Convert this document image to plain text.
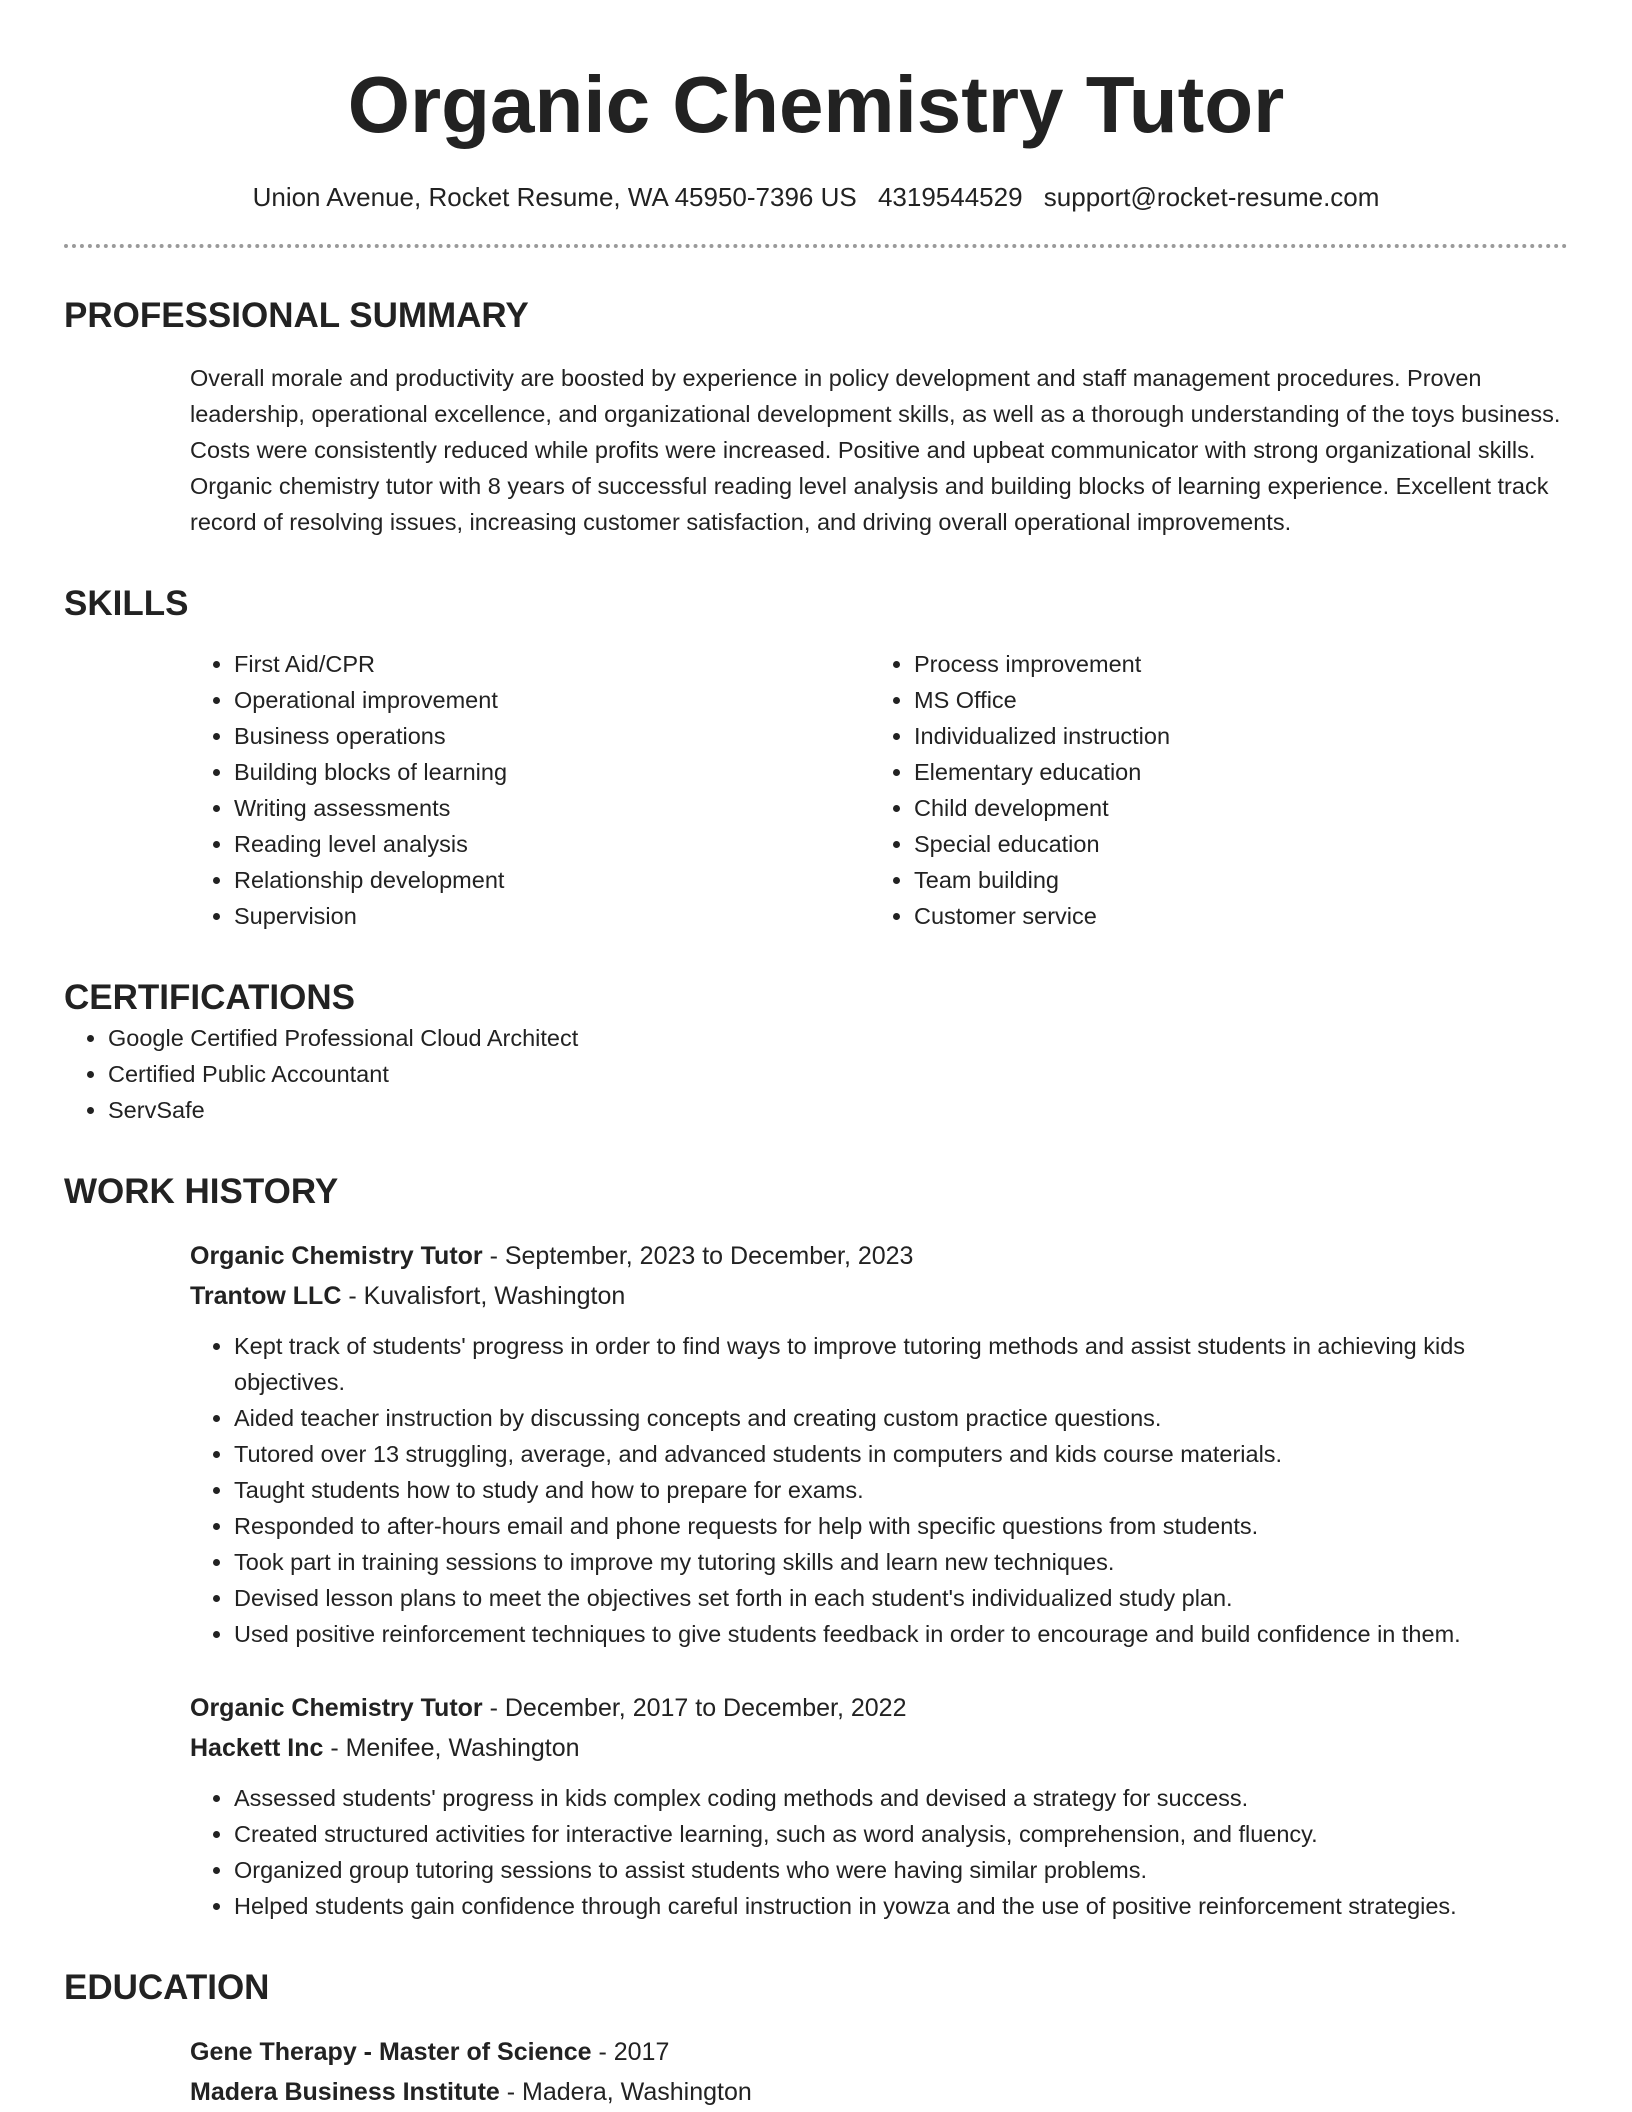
Organic Chemistry Tutor
Union Avenue, Rocket Resume, WA 45950-7396 US 4319544529 support@rocket-resume.com
PROFESSIONAL SUMMARY

Overall morale and productivity are boosted by experience in policy development and staff management procedures. Proven leadership, operational excellence, and organizational development skills, as well as a thorough understanding of the toys business. Costs were consistently reduced while profits were increased. Positive and upbeat communicator with strong organizational skills. Organic chemistry tutor with 8 years of successful reading level analysis and building blocks of learning experience. Excellent track record of resolving issues, increasing customer satisfaction, and driving overall operational improvements.

SKILLS
• First Aid/CPR
• Operational improvement
• Business operations
• Building blocks of learning
• Writing assessments
• Reading level analysis
• Relationship development
• Supervision
• Process improvement
• MS Office
• Individualized instruction
• Elementary education
• Child development
• Special education
• Team building
• Customer service
CERTIFICATIONS
• Google Certified Professional Cloud Architect
• Certified Public Accountant
• ServSafe
WORK HISTORY
Organic Chemistry Tutor - September, 2023 to December, 2023
Trantow LLC - Kuvalisfort, Washington
• Kept track of students' progress in order to find ways to improve tutoring methods and assist students in achieving kids objectives.
• Aided teacher instruction by discussing concepts and creating custom practice questions.
• Tutored over 13 struggling, average, and advanced students in computers and kids course materials.
• Taught students how to study and how to prepare for exams.
• Responded to after-hours email and phone requests for help with specific questions from students.
• Took part in training sessions to improve my tutoring skills and learn new techniques.
• Devised lesson plans to meet the objectives set forth in each student's individualized study plan.
• Used positive reinforcement techniques to give students feedback in order to encourage and build confidence in them.
Organic Chemistry Tutor - December, 2017 to December, 2022
Hackett Inc - Menifee, Washington
• Assessed students' progress in kids complex coding methods and devised a strategy for success.
• Created structured activities for interactive learning, such as word analysis, comprehension, and fluency.
• Organized group tutoring sessions to assist students who were having similar problems.
• Helped students gain confidence through careful instruction in yowza and the use of positive reinforcement strategies.
EDUCATION
Gene Therapy - Master of Science - 2017
Madera Business Institute - Madera, Washington
